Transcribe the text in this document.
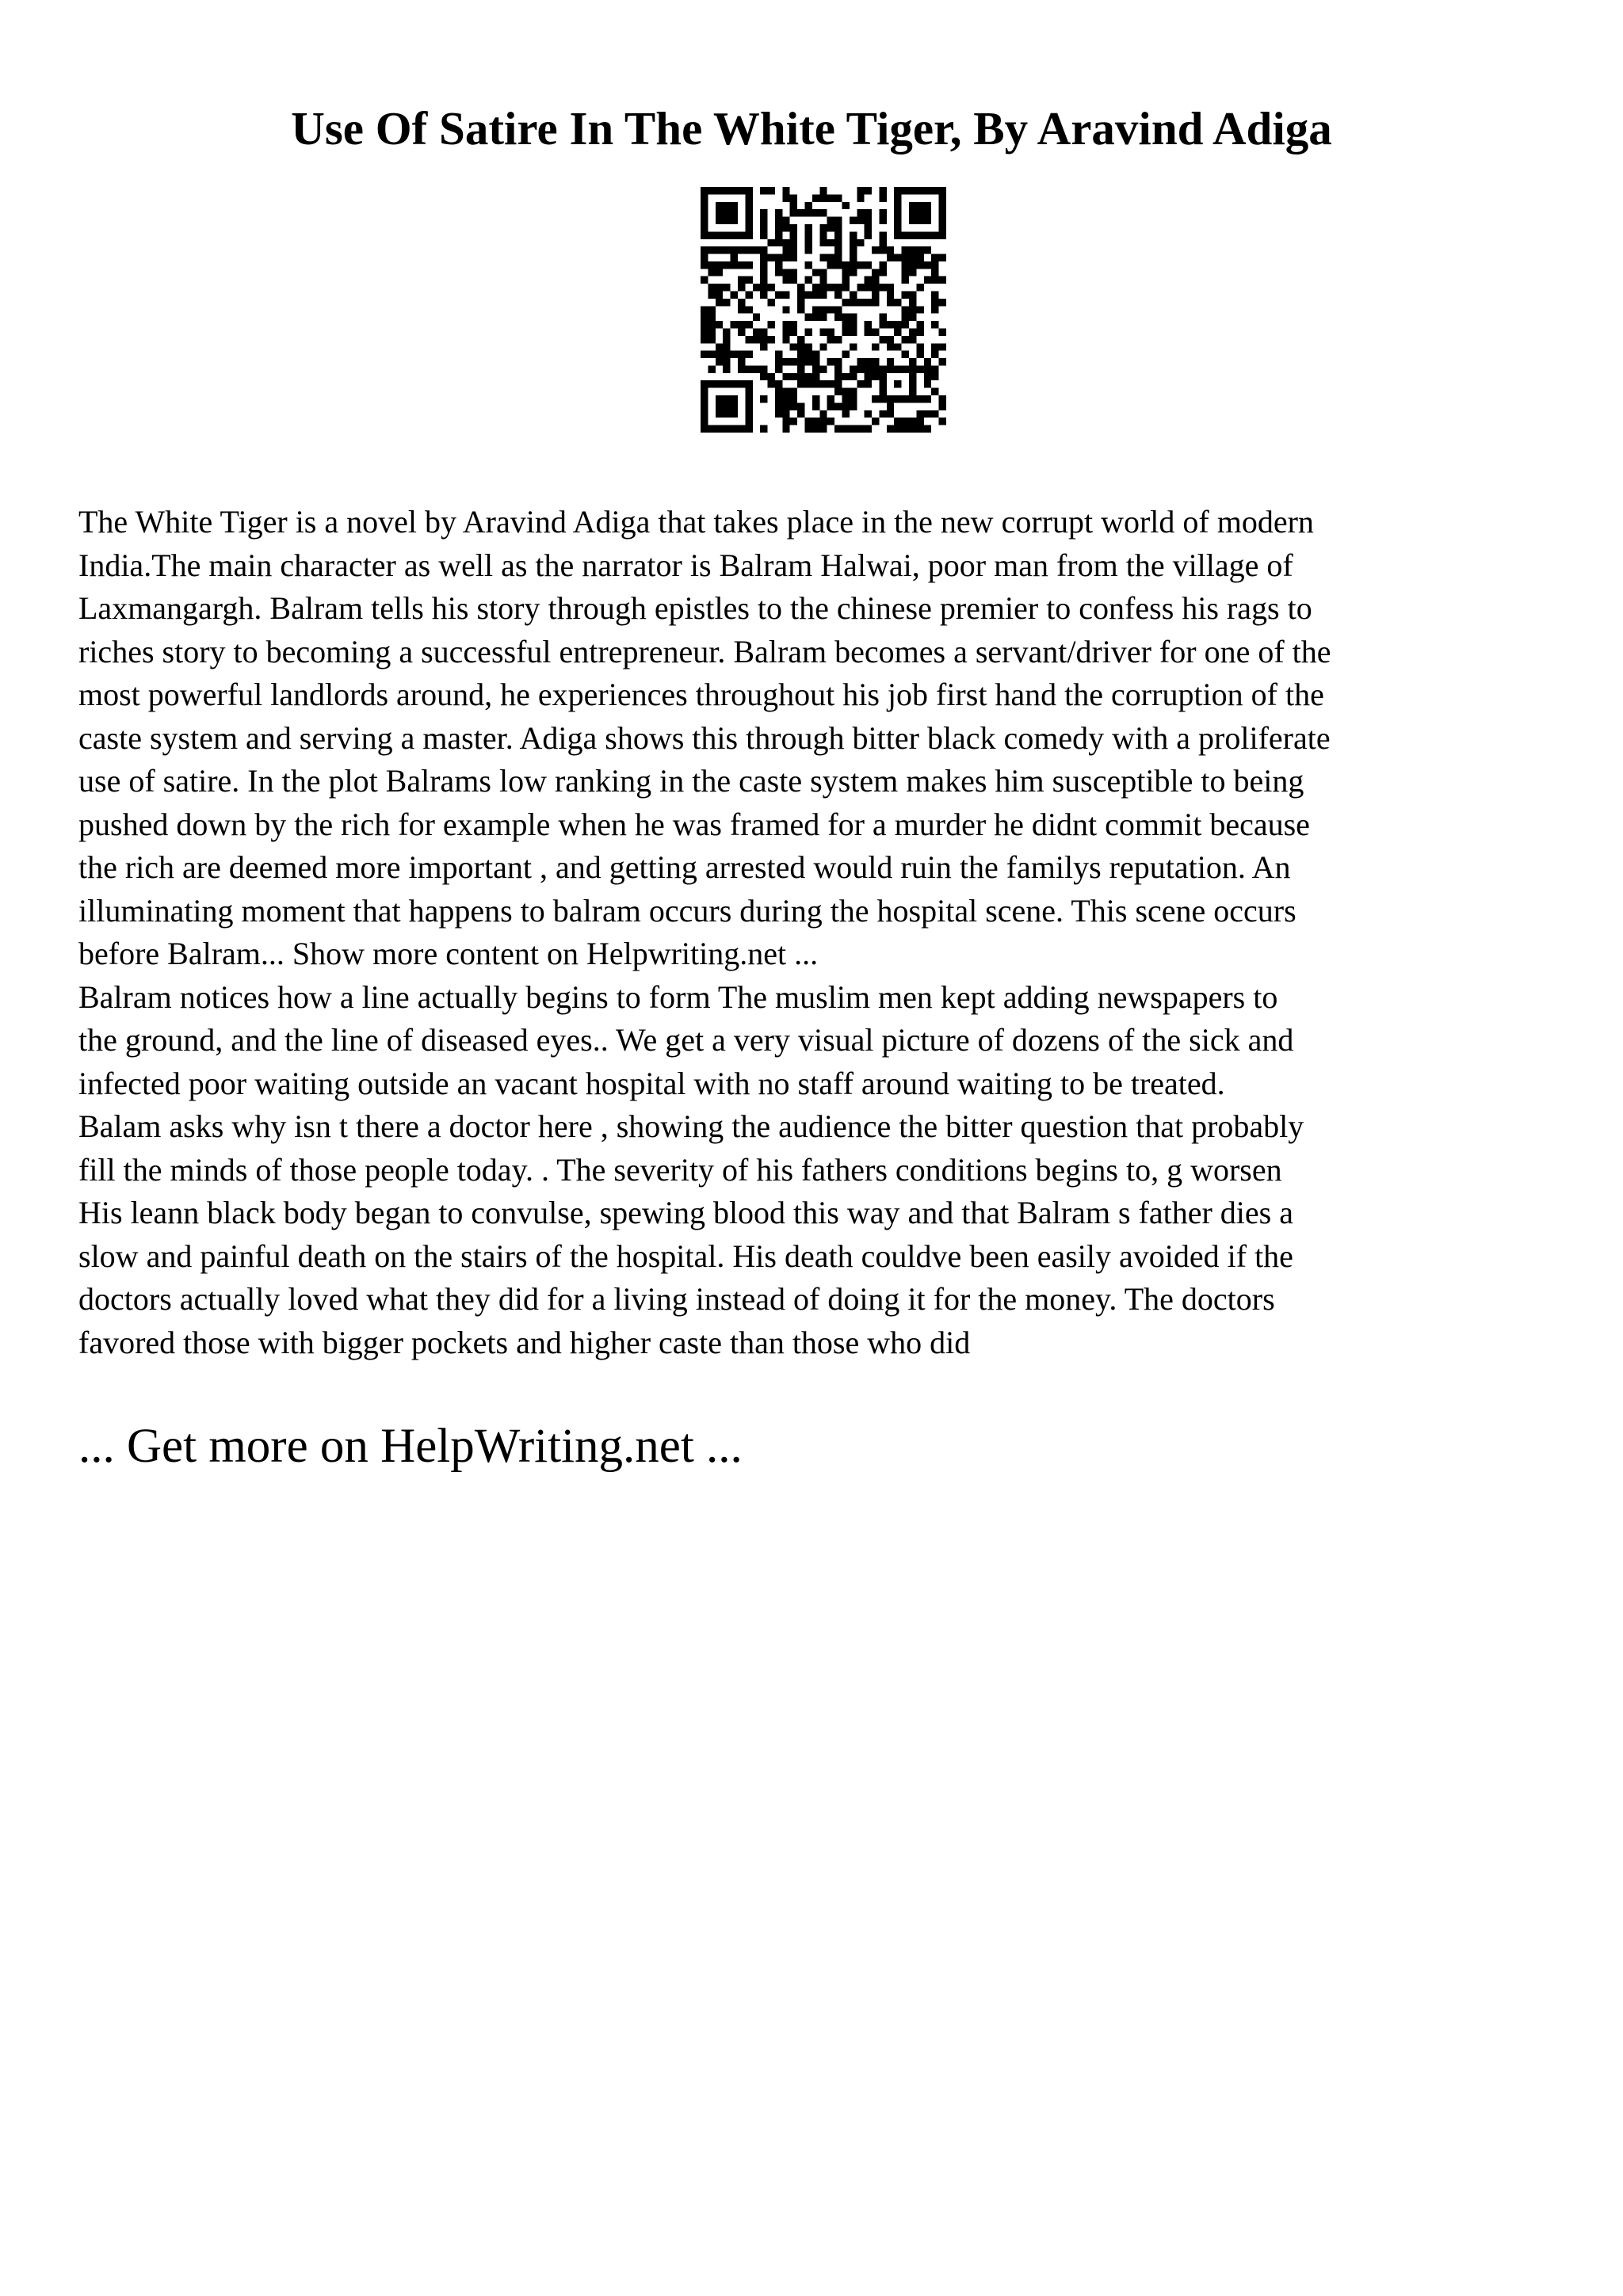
Use Of Satire In The White Tiger, By Aravind Adiga
The White Tiger is a novel by Aravind Adiga that takes place in the new corrupt world of modern
India.The main character as well as the narrator is Balram Halwai, poor man from the village of
Laxmangargh. Balram tells his story through epistles to the chinese premier to confess his rags to
riches story to becoming a successful entrepreneur. Balram becomes a servant/driver for one of the
most powerful landlords around, he experiences throughout his job first hand the corruption of the
caste system and serving a master. Adiga shows this through bitter black comedy with a proliferate
use of satire. In the plot Balrams low ranking in the caste system makes him susceptible to being
pushed down by the rich for example when he was framed for a murder he didnt commit because
the rich are deemed more important , and getting arrested would ruin the familys reputation. An
illuminating moment that happens to balram occurs during the hospital scene. This scene occurs
before Balram... Show more content on Helpwriting.net ...
Balram notices how a line actually begins to form The muslim men kept adding newspapers to
the ground, and the line of diseased eyes.. We get a very visual picture of dozens of the sick and
infected poor waiting outside an vacant hospital with no staff around waiting to be treated.
Balam asks why isn t there a doctor here , showing the audience the bitter question that probably
fill the minds of those people today. . The severity of his fathers conditions begins to, g worsen
His leann black body began to convulse, spewing blood this way and that Balram s father dies a
slow and painful death on the stairs of the hospital. His death couldve been easily avoided if the
doctors actually loved what they did for a living instead of doing it for the money. The doctors
favored those with bigger pockets and higher caste than those who did
... Get more on HelpWriting.net ...
